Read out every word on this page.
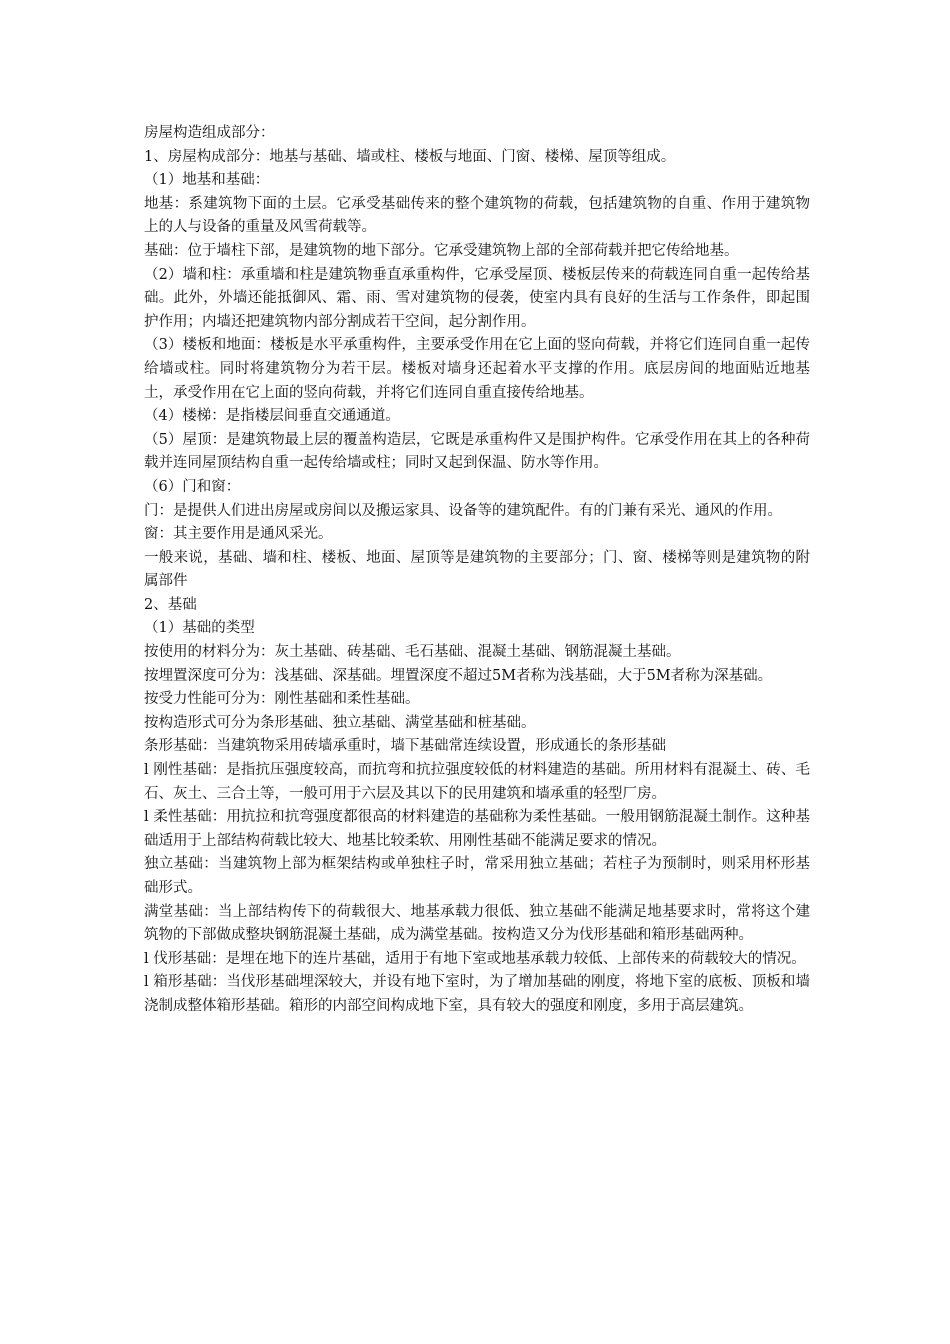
房屋构造组成部分：

1、房屋构成部分：地基与基础、墙或柱、楼板与地面、门窗、楼梯、屋顶等组成。

（1）地基和基础：

地基：系建筑物下面的土层。它承受基础传来的整个建筑物的荷载，包括建筑物的自重、作用于建筑物上的人与设备的重量及风雪荷载等。

基础：位于墙柱下部，是建筑物的地下部分。它承受建筑物上部的全部荷载并把它传给地基。

（2）墙和柱：承重墙和柱是建筑物垂直承重构件，它承受屋顶、楼板层传来的荷载连同自重一起传给基础。此外，外墙还能抵御风、霜、雨、雪对建筑物的侵袭，使室内具有良好的生活与工作条件，即起围护作用；内墙还把建筑物内部分割成若干空间，起分割作用。

（3）楼板和地面：楼板是水平承重构件，主要承受作用在它上面的竖向荷载，并将它们连同自重一起传给墙或柱。同时将建筑物分为若干层。楼板对墙身还起着水平支撑的作用。底层房间的地面贴近地基土，承受作用在它上面的竖向荷载，并将它们连同自重直接传给地基。

（4）楼梯：是指楼层间垂直交通通道。

（5）屋顶：是建筑物最上层的覆盖构造层，它既是承重构件又是围护构件。它承受作用在其上的各种荷载并连同屋顶结构自重一起传给墙或柱；同时又起到保温、防水等作用。

（6）门和窗：

门：是提供人们进出房屋或房间以及搬运家具、设备等的建筑配件。有的门兼有采光、通风的作用。

窗：其主要作用是通风采光。

一般来说，基础、墙和柱、楼板、地面、屋顶等是建筑物的主要部分；门、窗、楼梯等则是建筑物的附属部件

2、基础

（1）基础的类型

按使用的材料分为：灰土基础、砖基础、毛石基础、混凝土基础、钢筋混凝土基础。

按埋置深度可分为：浅基础、深基础。埋置深度不超过5M者称为浅基础，大于5M者称为深基础。

按受力性能可分为：刚性基础和柔性基础。

按构造形式可分为条形基础、独立基础、满堂基础和桩基础。

条形基础：当建筑物采用砖墙承重时，墙下基础常连续设置，形成通长的条形基础

l 刚性基础：是指抗压强度较高，而抗弯和抗拉强度较低的材料建造的基础。所用材料有混凝土、砖、毛石、灰土、三合土等，一般可用于六层及其以下的民用建筑和墙承重的轻型厂房。

l 柔性基础：用抗拉和抗弯强度都很高的材料建造的基础称为柔性基础。一般用钢筋混凝土制作。这种基础适用于上部结构荷载比较大、地基比较柔软、用刚性基础不能满足要求的情况。

独立基础：当建筑物上部为框架结构或单独柱子时，常采用独立基础；若柱子为预制时，则采用杯形基础形式。

满堂基础：当上部结构传下的荷载很大、地基承载力很低、独立基础不能满足地基要求时，常将这个建筑物的下部做成整块钢筋混凝土基础，成为满堂基础。按构造又分为伐形基础和箱形基础两种。

l 伐形基础：是埋在地下的连片基础，适用于有地下室或地基承载力较低、上部传来的荷载较大的情况。

l 箱形基础：当伐形基础埋深较大，并设有地下室时，为了增加基础的刚度，将地下室的底板、顶板和墙浇制成整体箱形基础。箱形的内部空间构成地下室，具有较大的强度和刚度，多用于高层建筑。
